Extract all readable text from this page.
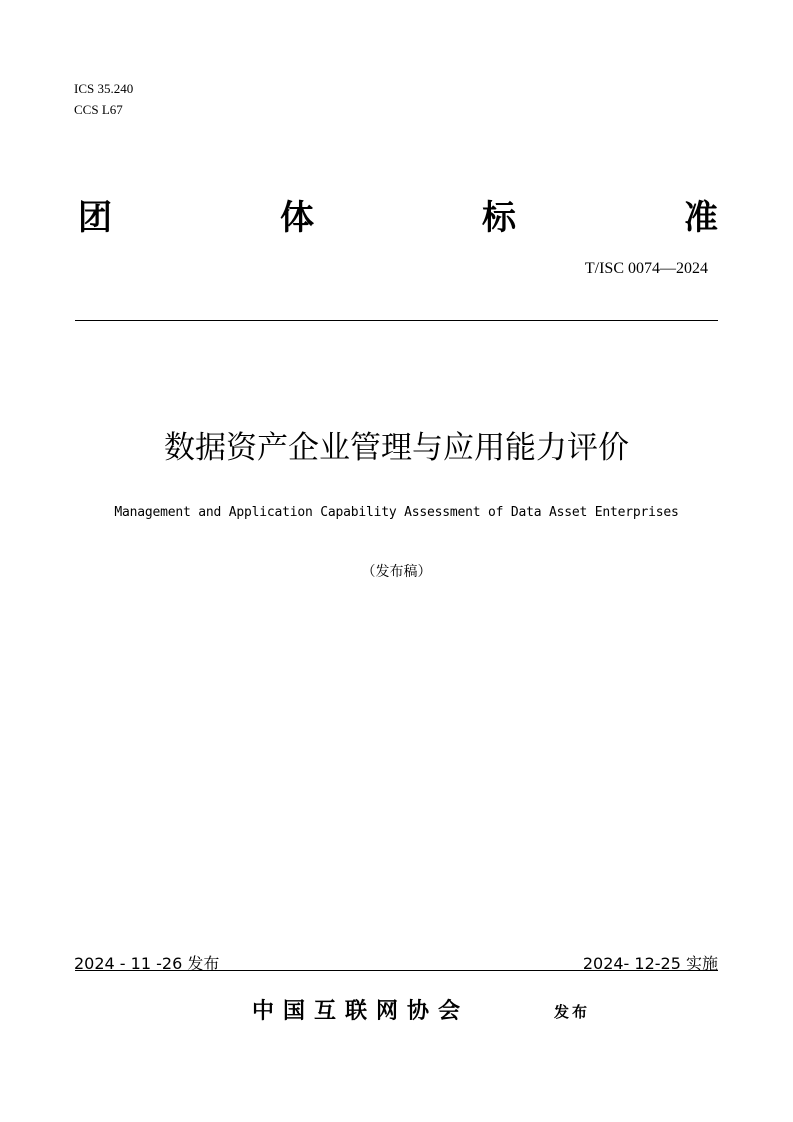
ICS 35.240
CCS L67
团	体	标	准
T/ISC 0074—2024
数据资产企业管理与应用能力评价
Management and Application Capability Assessment of Data Asset Enterprises
（发布稿）
2024 - 11 -26 发布	2024- 12-25 实施
中国互联网协会	发布
